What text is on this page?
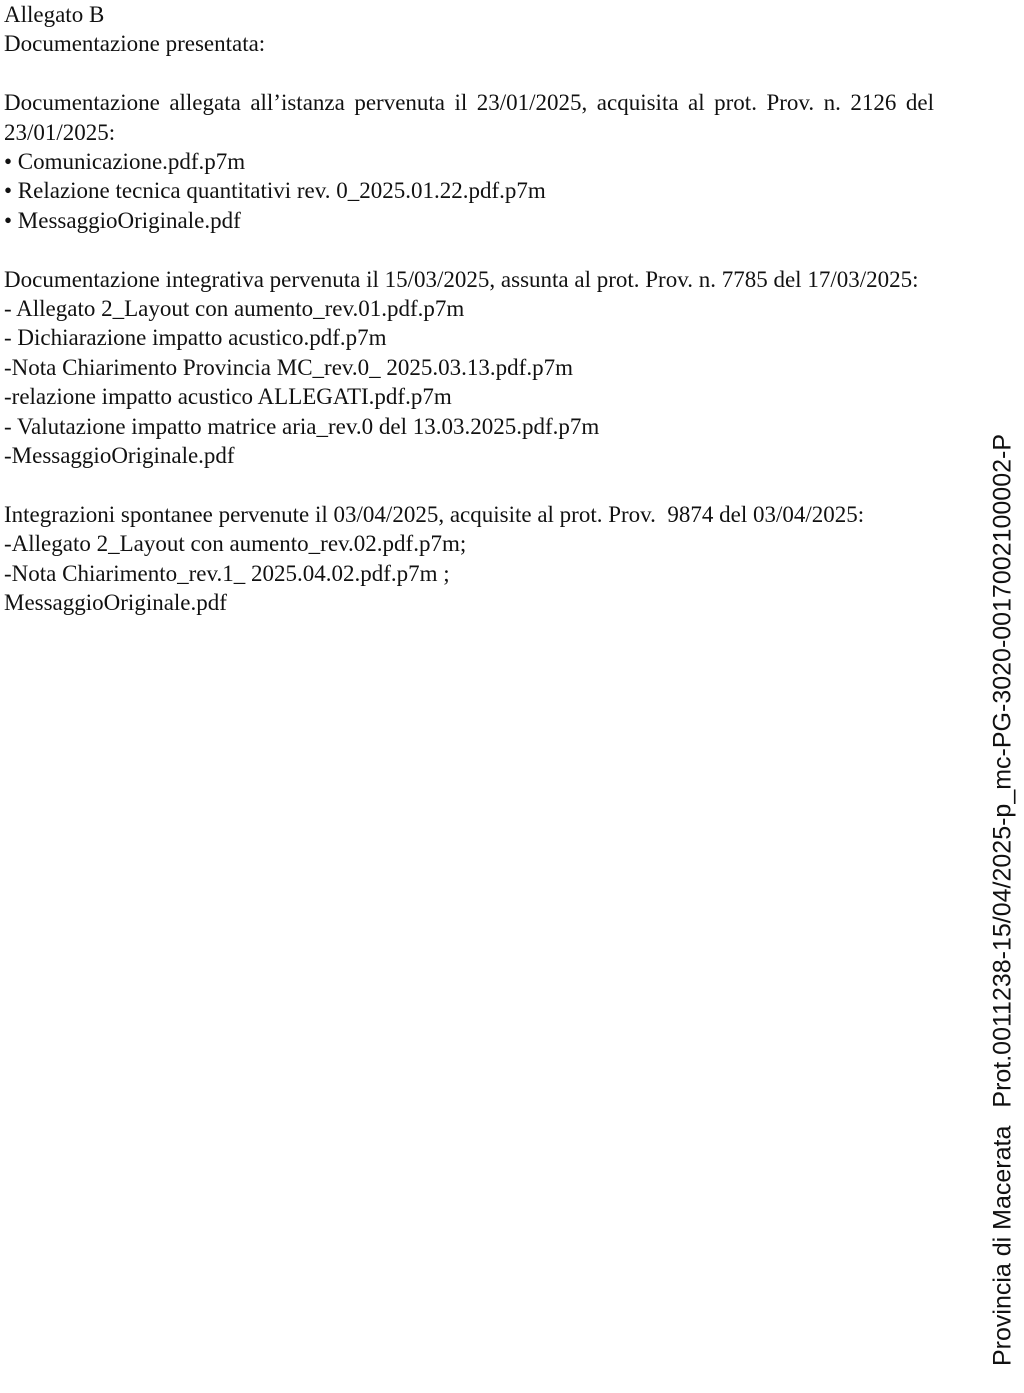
Allegato B
Documentazione presentata:
Documentazione allegata all’istanza pervenuta il 23/01/2025, acquisita al prot. Prov. n. 2126 del 23/01/2025:
• Comunicazione.pdf.p7m
• Relazione tecnica quantitativi rev. 0_2025.01.22.pdf.p7m
• MessaggioOriginale.pdf
Documentazione integrativa pervenuta il 15/03/2025, assunta al prot. Prov. n. 7785 del 17/03/2025:
- Allegato 2_Layout con aumento_rev.01.pdf.p7m
- Dichiarazione impatto acustico.pdf.p7m
-Nota Chiarimento Provincia MC_rev.0_ 2025.03.13.pdf.p7m
-relazione impatto acustico ALLEGATI.pdf.p7m
- Valutazione impatto matrice aria_rev.0 del 13.03.2025.pdf.p7m
-MessaggioOriginale.pdf
Integrazioni spontanee pervenute il 03/04/2025, acquisite al prot. Prov.  9874 del 03/04/2025:
-Allegato 2_Layout con aumento_rev.02.pdf.p7m;
-Nota Chiarimento_rev.1_ 2025.04.02.pdf.p7m ;
MessaggioOriginale.pdf
Provincia di MacerataProt.0011238-15/04/2025-p_mc-PG-3020-0017002100002-P
